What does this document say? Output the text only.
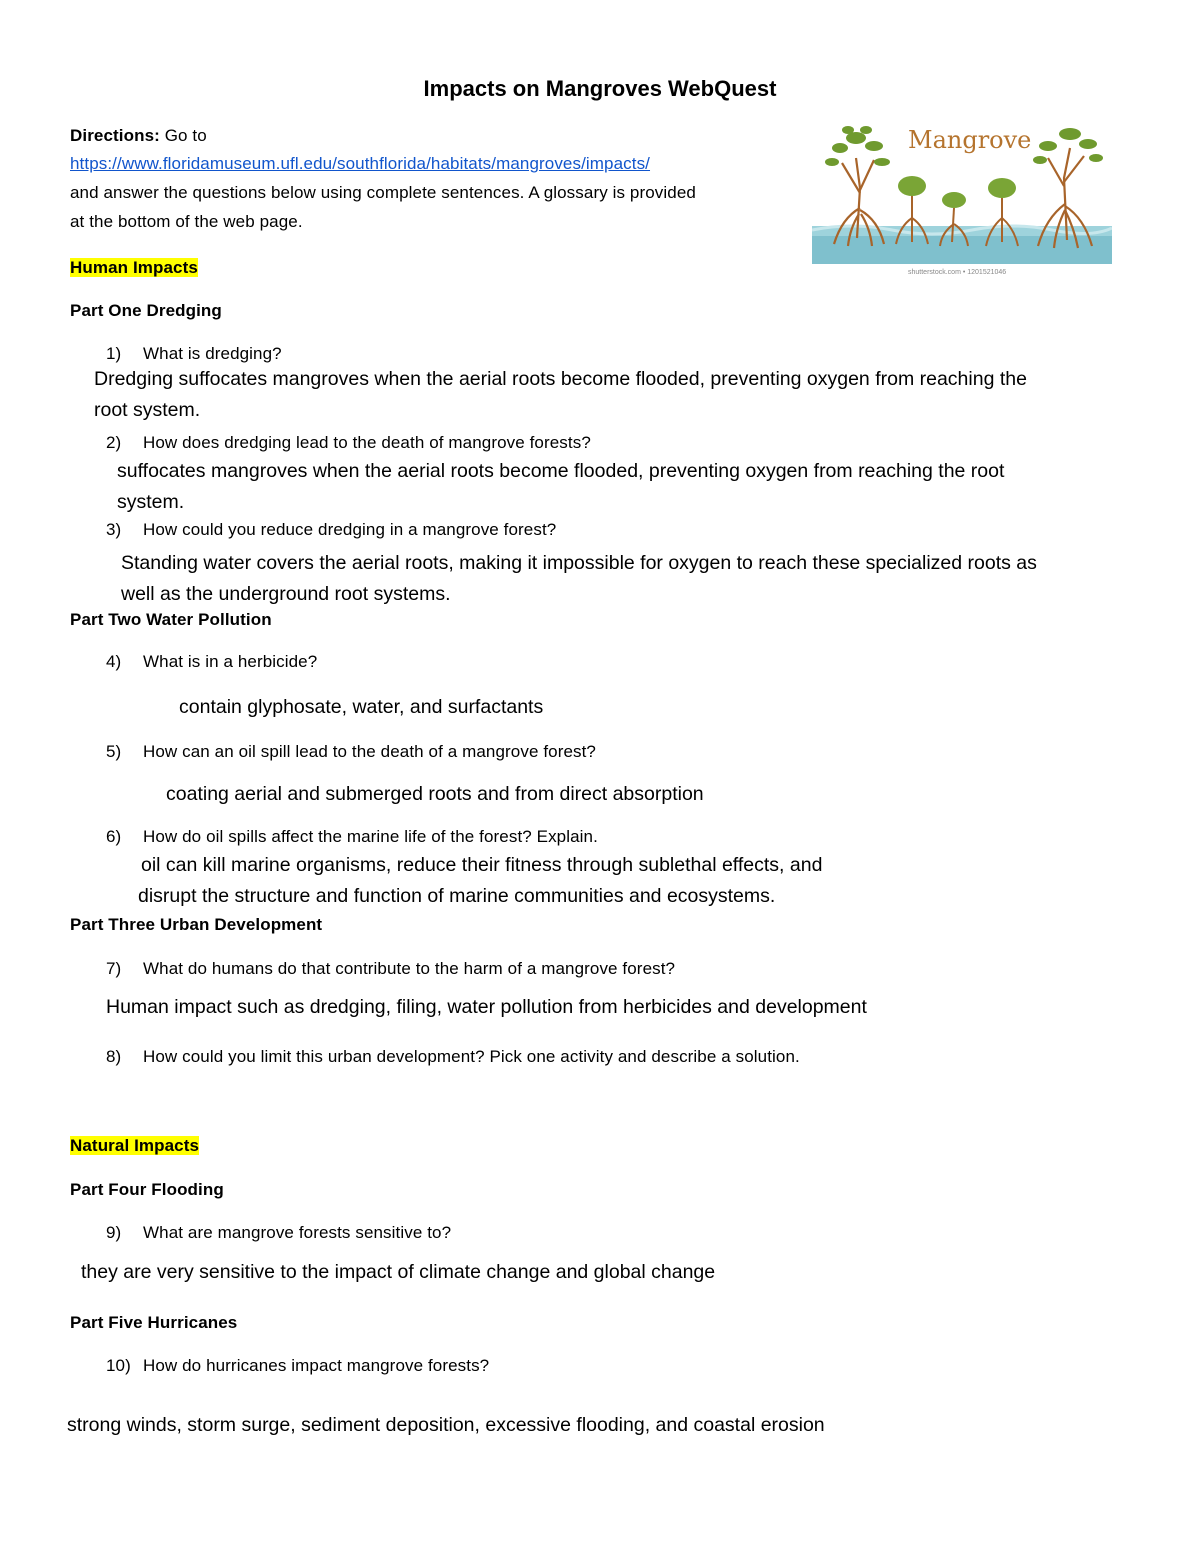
Impacts on Mangroves WebQuest
Directions: Go to
https://www.floridamuseum.ufl.edu/southflorida/habitats/mangroves/impacts/
and answer the questions below using complete sentences. A glossary is provided
at the bottom of the web page.
Mangrove
shutterstock.com • 1201521046
Human Impacts
Part One Dredging
1) What is dredging?
Dredging suffocates mangroves when the aerial roots become flooded, preventing oxygen from reaching the
root system.
2) How does dredging lead to the death of mangrove forests?
suffocates mangroves when the aerial roots become flooded, preventing oxygen from reaching the root
system.
3) How could you reduce dredging in a mangrove forest?
Standing water covers the aerial roots, making it impossible for oxygen to reach these specialized roots as
well as the underground root systems.
Part Two Water Pollution
4) What is in a herbicide?
contain glyphosate, water, and surfactants
5) How can an oil spill lead to the death of a mangrove forest?
coating aerial and submerged roots and from direct absorption
6) How do oil spills affect the marine life of the forest? Explain.
oil can kill marine organisms, reduce their fitness through sublethal effects, and
disrupt the structure and function of marine communities and ecosystems.
Part Three Urban Development
7) What do humans do that contribute to the harm of a mangrove forest?
Human impact such as dredging, filing, water pollution from herbicides and development
8) How could you limit this urban development? Pick one activity and describe a solution.
Natural Impacts
Part Four Flooding
9) What are mangrove forests sensitive to?
they are very sensitive to the impact of climate change and global change
Part Five Hurricanes
10) How do hurricanes impact mangrove forests?
strong winds, storm surge, sediment deposition, excessive flooding, and coastal erosion
